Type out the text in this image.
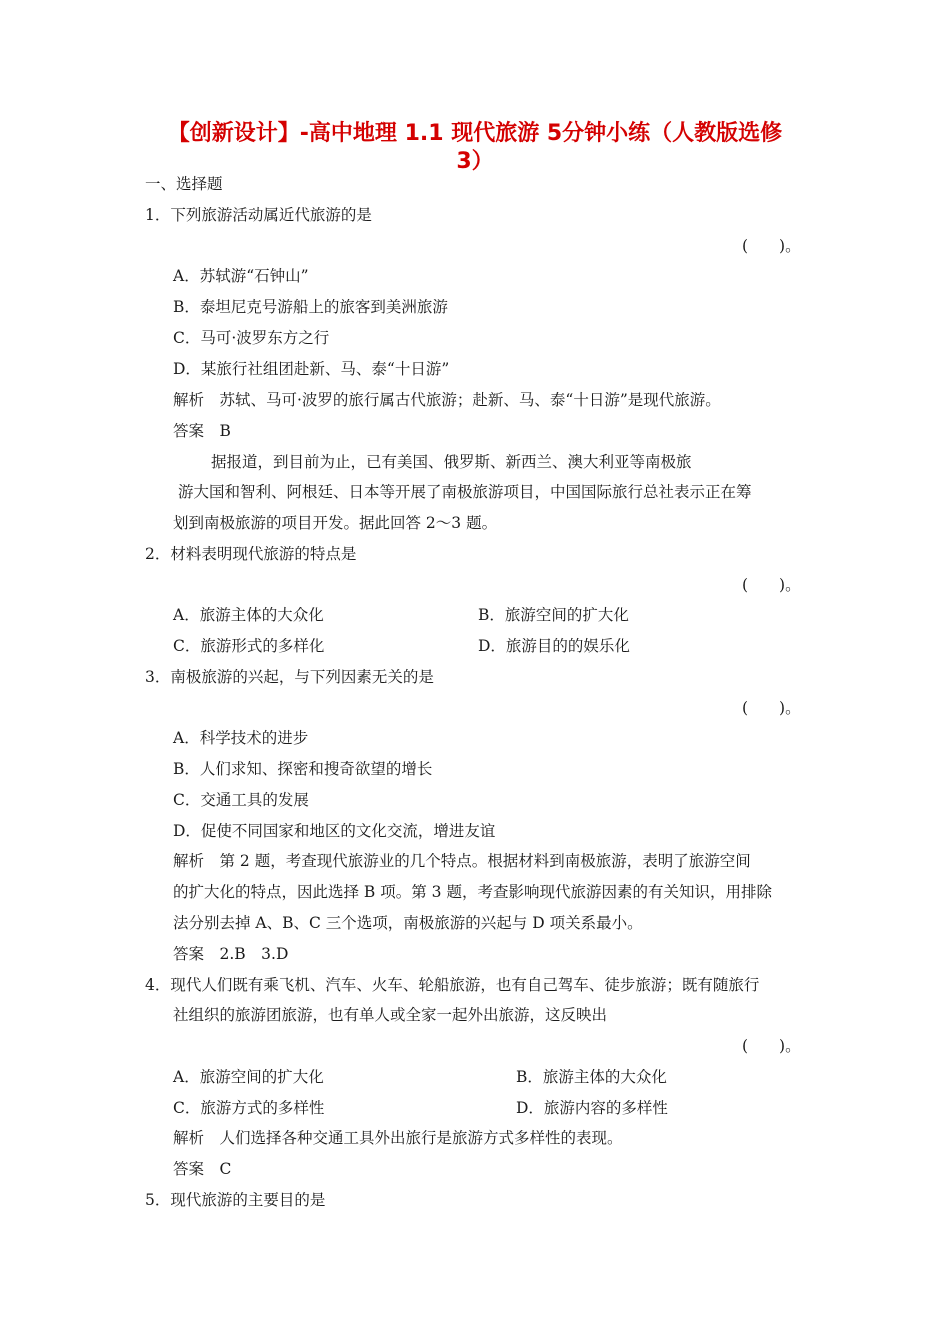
【创新设计】-高中地理 1.1 现代旅游 5分钟小练（人教版选修
3）
一、选择题
1．下列旅游活动属近代旅游的是
(　　)。
A．苏轼游“石钟山”
B．泰坦尼克号游船上的旅客到美洲旅游
C．马可·波罗东方之行
D．某旅行社组团赴新、马、泰“十日游”
解析　苏轼、马可·波罗的旅行属古代旅游；赴新、马、泰“十日游”是现代旅游。
答案　B
据报道，到目前为止，已有美国、俄罗斯、新西兰、澳大利亚等南极旅
游大国和智利、阿根廷、日本等开展了南极旅游项目，中国国际旅行总社表示正在筹
划到南极旅游的项目开发。据此回答 2～3 题。
2．材料表明现代旅游的特点是
(　　)。
A．旅游主体的大众化	B．旅游空间的扩大化
C．旅游形式的多样化	D．旅游目的的娱乐化
3．南极旅游的兴起，与下列因素无关的是
(　　)。
A．科学技术的进步
B．人们求知、探密和搜奇欲望的增长
C．交通工具的发展
D．促使不同国家和地区的文化交流，增进友谊
解析　第 2 题，考查现代旅游业的几个特点。根据材料到南极旅游，表明了旅游空间
的扩大化的特点，因此选择 B 项。第 3 题，考查影响现代旅游因素的有关知识，用排除
法分别去掉 A、B、C 三个选项，南极旅游的兴起与 D 项关系最小。
答案　2.B　3.D
4．现代人们既有乘飞机、汽车、火车、轮船旅游，也有自己驾车、徒步旅游；既有随旅行
社组织的旅游团旅游，也有单人或全家一起外出旅游，这反映出
(　　)。
A．旅游空间的扩大化	B．旅游主体的大众化
C．旅游方式的多样性	D．旅游内容的多样性
解析　人们选择各种交通工具外出旅行是旅游方式多样性的表现。
答案　C
5．现代旅游的主要目的是
